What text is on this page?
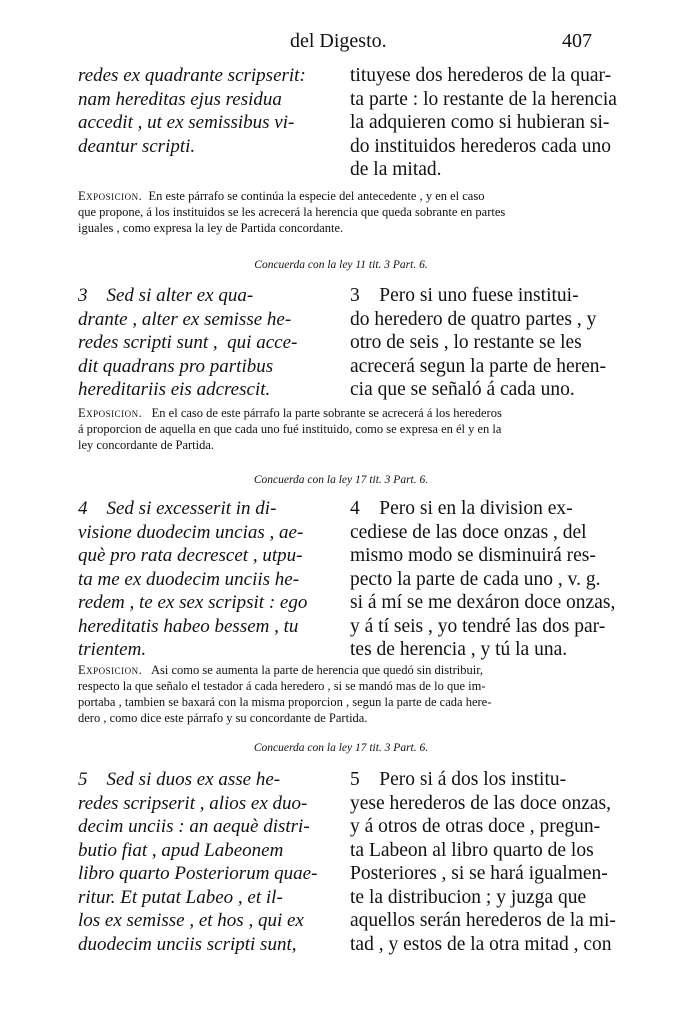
del Digesto.	407
redes ex quadrante scripserit:
nam hereditas ejus residua
accedit , ut ex semissibus vi-
deantur scripti.
tituyese dos herederos de la quar-
ta parte : lo restante de la herencia
la adquieren como si hubieran si-
do instituidos herederos cada uno
de la mitad.
Exposicion.  En este párrafo se continúa la especie del antecedente , y en el caso
que propone, á los instituidos se les acrecerá la herencia que queda sobrante en partes
iguales , como expresa la ley de Partida concordante.
Concuerda con la ley 11 tit. 3 Part. 6.
3    Sed si alter ex qua-
drante , alter ex semisse he-
redes scripti sunt ,  qui acce-
dit quadrans pro partibus
hereditariis eis adcrescit.
3    Pero si uno fuese institui-
do heredero de quatro partes , y
otro de seis , lo restante se les
acrecerá segun la parte de heren-
cia que se señaló á cada uno.
Exposicion.   En el caso de este párrafo la parte sobrante se acrecerá á los herederos
á proporcion de aquella en que cada uno fué instituido, como se expresa en él y en la
ley concordante de Partida.
Concuerda con la ley 17 tit. 3 Part. 6.
4    Sed si excesserit in di-
visione duodecim uncias , ae-
què pro rata decrescet , utpu-
ta me ex duodecim unciis he-
redem , te ex sex scripsit : ego
hereditatis habeo bessem , tu
trientem.
4    Pero si en la division ex-
cediese de las doce onzas , del
mismo modo se disminuirá res-
pecto la parte de cada uno , v. g.
si á mí se me dexáron doce onzas,
y á tí seis , yo tendré las dos par-
tes de herencia , y tú la una.
Exposicion.   Asi como se aumenta la parte de herencia que quedó sin distribuir,
respecto la que señalo el testador á cada heredero , si se mandó mas de lo que im-
portaba , tambien se baxará con la misma proporcion , segun la parte de cada here-
dero , como dice este párrafo y su concordante de Partida.
Concuerda con la ley 17 tit. 3 Part. 6.
5    Sed si duos ex asse he-
redes scripserit , alios ex duo-
decim unciis : an aequè distri-
butio fiat , apud Labeonem
libro quarto Posteriorum quae-
ritur. Et putat Labeo , et il-
los ex semisse , et hos , qui ex
duodecim unciis scripti sunt,
5    Pero si á dos los institu-
yese herederos de las doce onzas,
y á otros de otras doce , pregun-
ta Labeon al libro quarto de los
Posteriores , si se hará igualmen-
te la distribucion ; y juzga que
aquellos serán herederos de la mi-
tad , y estos de la otra mitad , con
